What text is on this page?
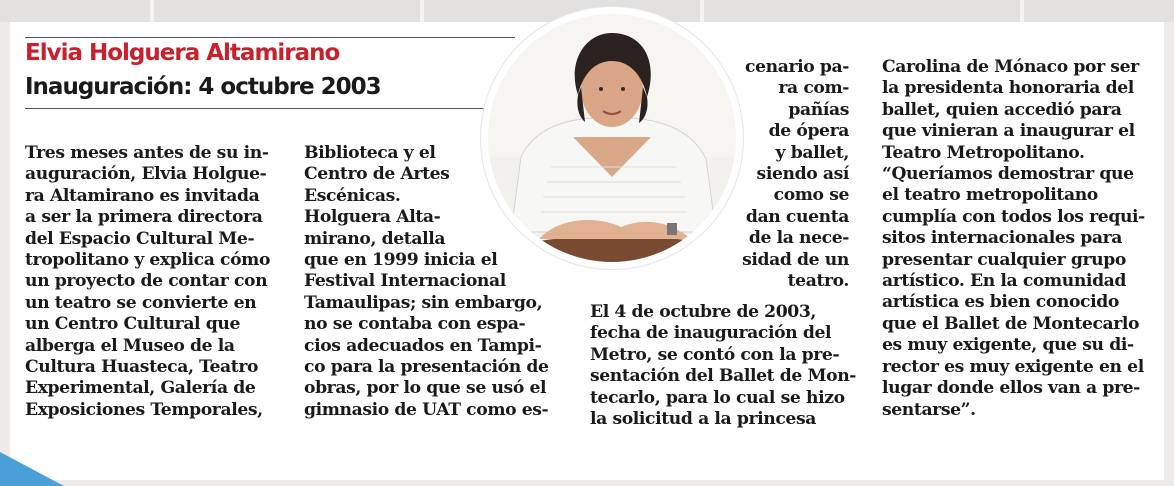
Elvia Holguera Altamirano
Inauguración: 4 octubre 2003
Tres meses antes de su in-
auguración, Elvia Holgue-
ra Altamirano es invitada
a ser la primera directora
del Espacio Cultural Me-
tropolitano y explica cómo
un proyecto de contar con
un teatro se convierte en
un Centro Cultural que
alberga el Museo de la
Cultura Huasteca, Teatro
Experimental, Galería de
Exposiciones Temporales,
Biblioteca y el
Centro de Artes
Escénicas.
Holguera Alta-
mirano, detalla
que en 1999 inicia el
Festival Internacional
Tamaulipas; sin embargo,
no se contaba con espa-
cios adecuados en Tampi-
co para la presentación de
obras, por lo que se usó el
gimnasio de UAT como es-
cenario pa-
ra com-
pañías
de ópera
y ballet,
siendo así
como se
dan cuenta
de la nece-
sidad de un
teatro.
El 4 de octubre de 2003,
fecha de inauguración del
Metro, se contó con la pre-
sentación del Ballet de Mon-
tecarlo, para lo cual se hizo
la solicitud a la princesa
Carolina de Mónaco por ser
la presidenta honoraria del
ballet, quien accedió para
que vinieran a inaugurar el
Teatro Metropolitano.
“Queríamos demostrar que
el teatro metropolitano
cumplía con todos los requi-
sitos internacionales para
presentar cualquier grupo
artístico. En la comunidad
artística es bien conocido
que el Ballet de Montecarlo
es muy exigente, que su di-
rector es muy exigente en el
lugar donde ellos van a pre-
sentarse”.
